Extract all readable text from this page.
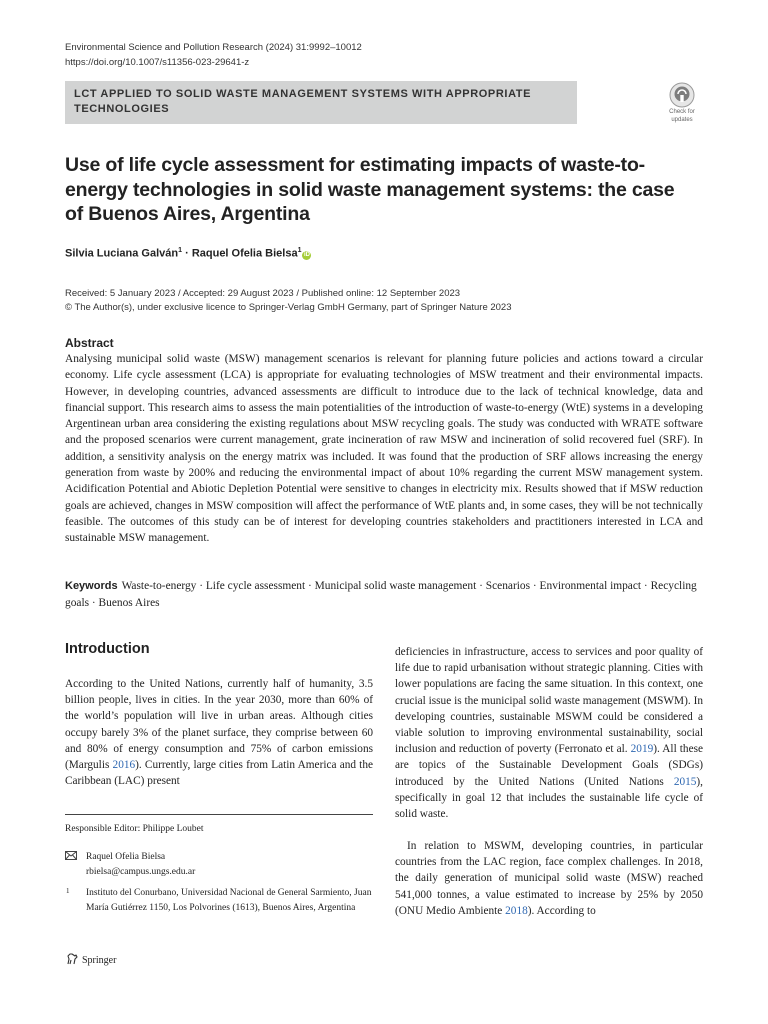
Environmental Science and Pollution Research (2024) 31:9992–10012
https://doi.org/10.1007/s11356-023-29641-z
LCT APPLIED TO SOLID WASTE MANAGEMENT SYSTEMS WITH APPROPRIATE TECHNOLOGIES	Check for
updates
Use of life cycle assessment for estimating impacts of waste-to-energy technologies in solid waste management systems: the case of Buenos Aires, Argentina
Silvia Luciana Galván$^1$ · Raquel Ofelia Bielsa$^1$iD
Received: 5 January 2023 / Accepted: 29 August 2023 / Published online: 12 September 2023
© The Author(s), under exclusive licence to Springer-Verlag GmbH Germany, part of Springer Nature 2023
Abstract

Analysing municipal solid waste (MSW) management scenarios is relevant for planning future policies and actions toward a circular economy. Life cycle assessment (LCA) is appropriate for evaluating technologies of MSW treatment and their environmental impacts. However, in developing countries, advanced assessments are difficult to introduce due to the lack of technical knowledge, data and financial support. This research aims to assess the main potentialities of the introduction of waste-to-energy (WtE) systems in a developing Argentinean urban area considering the existing regulations about MSW recycling goals. The study was conducted with WRATE software and the proposed scenarios were current management, grate incineration of raw MSW and incineration of solid recovered fuel (SRF). In addition, a sensitivity analysis on the energy matrix was included. It was found that the production of SRF allows increasing the energy generation from waste by 200% and reducing the environmental impact of about 10% regarding the current MSW management system. Acidification Potential and Abiotic Depletion Potential were sensitive to changes in electricity mix. Results showed that if MSW reduction goals are achieved, changes in MSW composition will affect the performance of WtE plants and, in some cases, they will be not technically feasible. The outcomes of this study can be of interest for developing countries stakeholders and practitioners interested in LCA and sustainable MSW management.

Keywords Waste-to-energy · Life cycle assessment · Municipal solid waste management · Scenarios · Environmental impact · Recycling goals · Buenos Aires

Introduction

According to the United Nations, currently half of humanity, 3.5 billion people, lives in cities. In the year 2030, more than 60% of the world’s population will live in urban areas. Although cities occupy barely 3% of the planet surface, they comprise between 60 and 80% of energy consumption and 75% of carbon emissions (Margulis 2016). Currently, large cities from Latin America and the Caribbean (LAC) present

Responsible Editor: Philippe Loubet
Raquel Ofelia Bielsa
rbielsa@campus.ungs.edu.ar
1 Instituto del Conurbano, Universidad Nacional de General Sarmiento, Juan María Gutiérrez 1150, Los Polvorines (1613), Buenos Aires, Argentina
Springer

deficiencies in infrastructure, access to services and poor quality of life due to rapid urbanisation without strategic planning. Cities with lower populations are facing the same situation. In this context, one crucial issue is the municipal solid waste management (MSWM). In developing countries, sustainable MSWM could be considered a viable solution to improving environmental sustainability, social inclusion and reduction of poverty (Ferronato et al. 2019). All these are topics of the Sustainable Development Goals (SDGs) introduced by the United Nations (United Nations 2015), specifically in goal 12 that includes the sustainable life cycle of solid waste.

In relation to MSWM, developing countries, in particular countries from the LAC region, face complex challenges. In 2018, the daily generation of municipal solid waste (MSW) reached 541,000 tonnes, a value estimated to increase by 25% by 2050 (ONU Medio Ambiente 2018). According to
